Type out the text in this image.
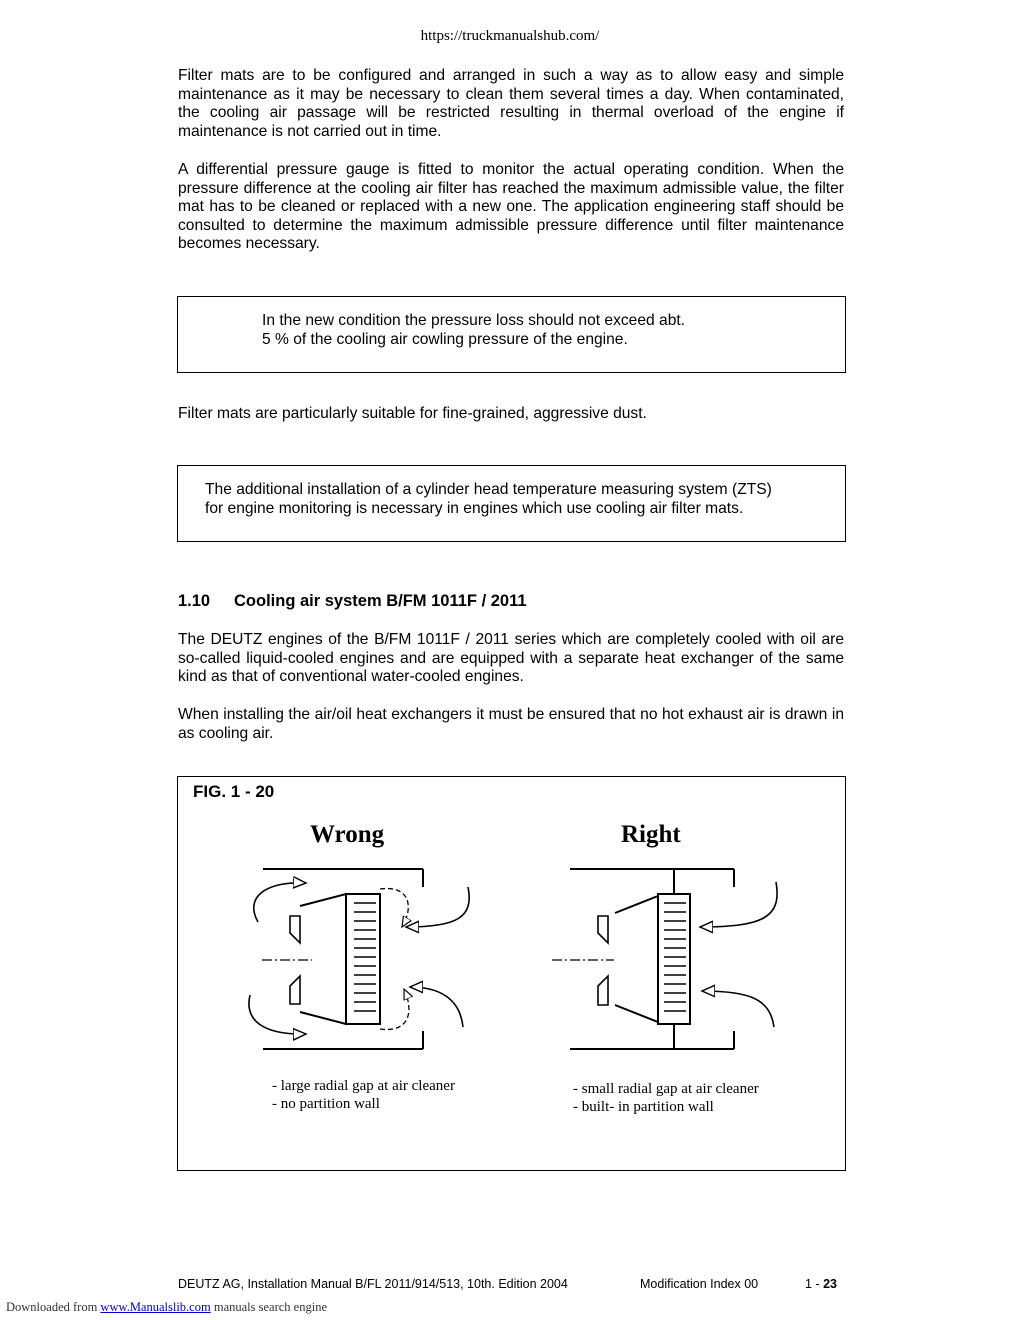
https://truckmanualshub.com/
Filter mats are to be configured and arranged in such a way as to allow easy and simple maintenance as it may be necessary to clean them several times a day. When contaminated, the cooling air passage will be restricted resulting in thermal overload of the engine if maintenance is not carried out in time.
A differential pressure gauge is fitted to monitor the actual operating condition. When the pressure difference at the cooling air filter has reached the maximum admissible value, the filter mat has to be cleaned or replaced with a new one. The application engineering staff should be consulted to determine the maximum admissible pressure difference until filter maintenance becomes necessary.
In the new condition the pressure loss should not exceed abt.
5 % of the cooling air cowling pressure of the engine.
Filter mats are particularly suitable for fine-grained, aggressive dust.
The additional installation of a cylinder head temperature measuring system (ZTS)
for engine monitoring is necessary in engines which use cooling air filter mats.
1.10 Cooling air system B/FM 1011F / 2011
The DEUTZ engines of the B/FM 1011F / 2011 series which are completely cooled with oil are so-called liquid-cooled engines and are equipped with a separate heat exchanger of the same kind as that of conventional water-cooled engines.
When installing the air/oil heat exchangers it must be ensured that no hot exhaust air is drawn in as cooling air.
FIG. 1 - 20
Wrong	Right
- large radial gap at air cleaner
- no partition wall
- small radial gap at air cleaner
- built- in partition wall
DEUTZ AG, Installation Manual B/FL 2011/914/513, 10th. Edition 2004	Modification Index 00	1 - 23
Downloaded from www.Manualslib.com manuals search engine
